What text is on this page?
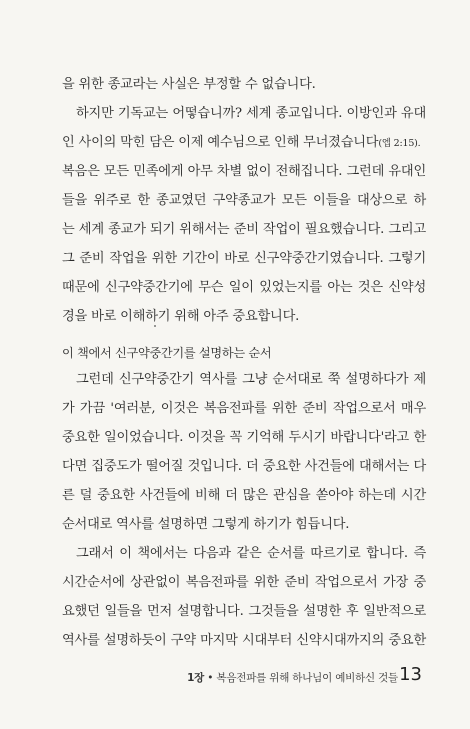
을 위한 종교라는 사실은 부정할 수 없습니다.
하지만 기독교는 어떻습니까? 세계 종교입니다. 이방인과 유대
인 사이의 막힌 담은 이제 예수님으로 인해 무너졌습니다(엡 2:15).
복음은 모든 민족에게 아무 차별 없이 전해집니다. 그런데 유대인
들을 위주로 한 종교였던 구약종교가 모든 이들을 대상으로 하
는 세계 종교가 되기 위해서는 준비 작업이 필요했습니다. 그리고
그 준비 작업을 위한 기간이 바로 신구약중간기였습니다. 그렇기
때문에 신구약중간기에 무슨 일이 있었는지를 아는 것은 신약성
경을 바로 이해하기 위해 아주 중요합니다.
이 책에서 신구약중간기를 설명하는 순서
그런데 신구약중간기 역사를 그냥 순서대로 쭉 설명하다가 제
가 가끔 '여러분, 이것은 복음전파를 위한 준비 작업으로서 매우
중요한 일이었습니다. 이것을 꼭 기억해 두시기 바랍니다'라고 한
다면 집중도가 떨어질 것입니다. 더 중요한 사건들에 대해서는 다
른 덜 중요한 사건들에 비해 더 많은 관심을 쏟아야 하는데 시간
순서대로 역사를 설명하면 그렇게 하기가 힘듭니다.
그래서 이 책에서는 다음과 같은 순서를 따르기로 합니다. 즉
시간순서에 상관없이 복음전파를 위한 준비 작업으로서 가장 중
요했던 일들을 먼저 설명합니다. 그것들을 설명한 후 일반적으로
역사를 설명하듯이 구약 마지막 시대부터 신약시대까지의 중요한
1장 • 복음전파를 위해 하나님이 예비하신 것들 13
